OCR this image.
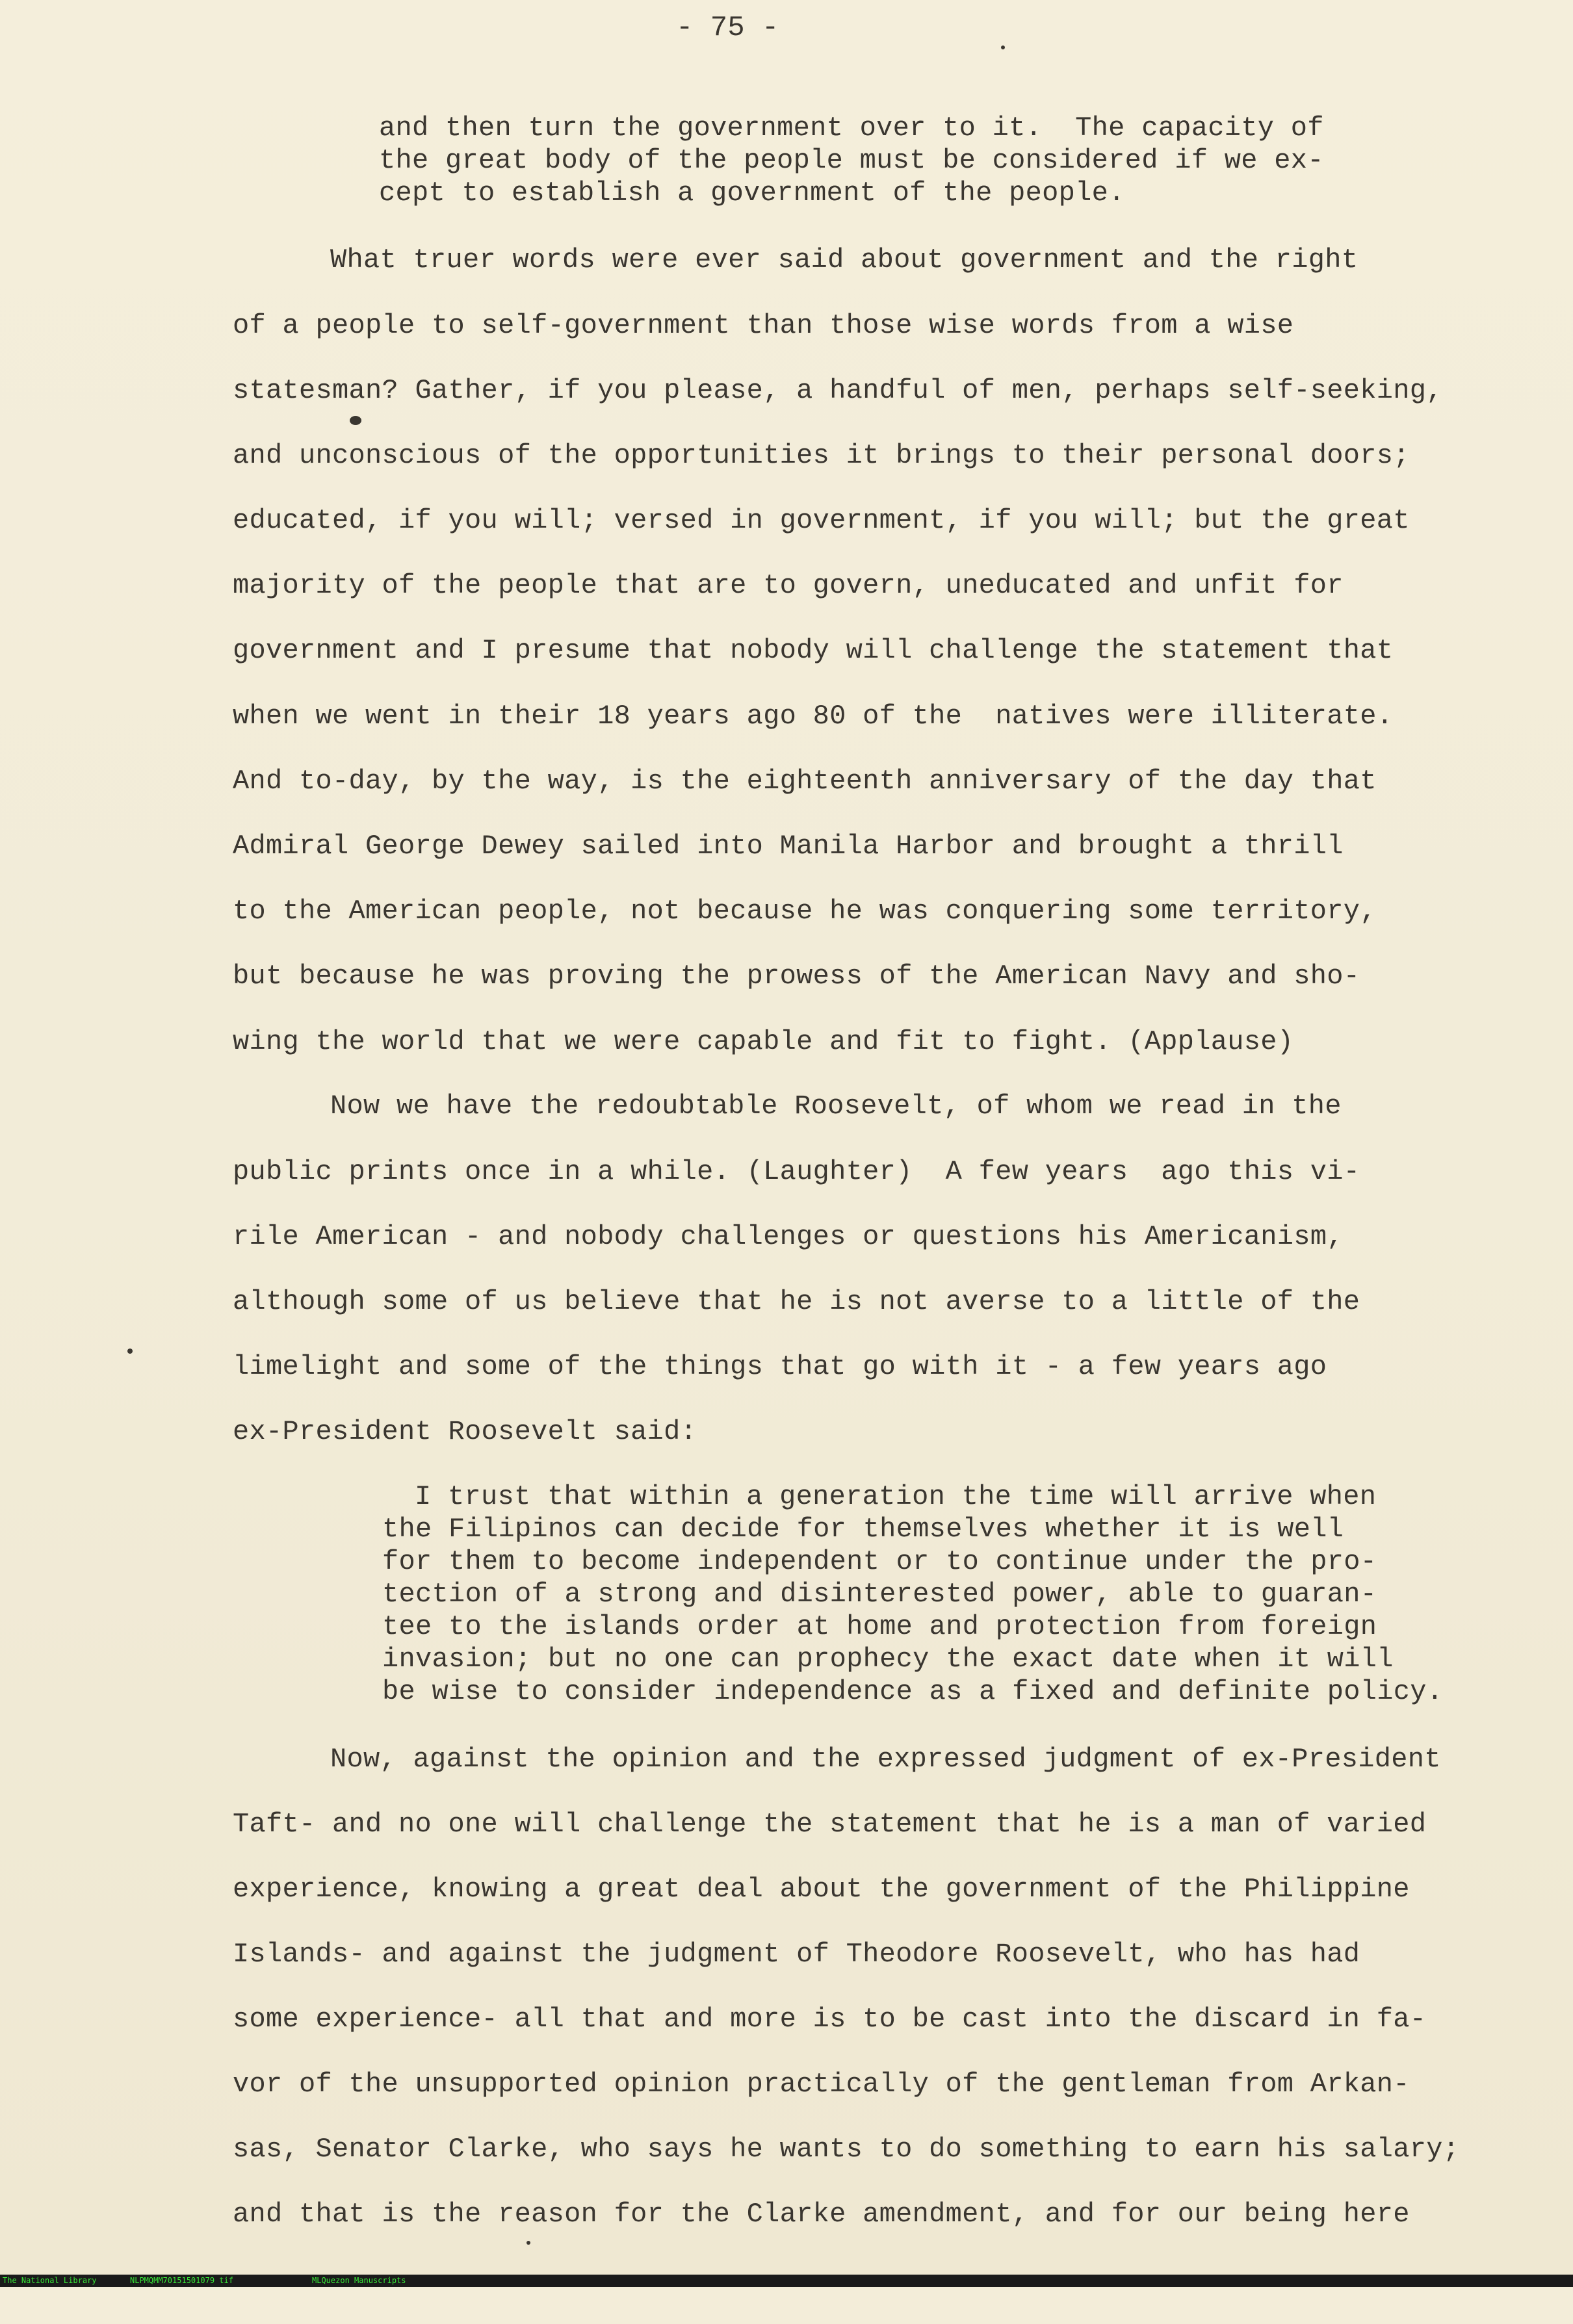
- 75 -
and then turn the government over to it.  The capacity of
the great body of the people must be considered if we ex-
cept to establish a government of the people.
What truer words were ever said about government and the right
of a people to self-government than those wise words from a wise
statesman? Gather, if you please, a handful of men, perhaps self-seeking,
and unconscious of the opportunities it brings to their personal doors;
educated, if you will; versed in government, if you will; but the great
majority of the people that are to govern, uneducated and unfit for
government and I presume that nobody will challenge the statement that
when we went in their 18 years ago 80 of the  natives were illiterate.
And to-day, by the way, is the eighteenth anniversary of the day that
Admiral George Dewey sailed into Manila Harbor and brought a thrill
to the American people, not because he was conquering some territory,
but because he was proving the prowess of the American Navy and sho-
wing the world that we were capable and fit to fight. (Applause)
Now we have the redoubtable Roosevelt, of whom we read in the
public prints once in a while. (Laughter)  A few years  ago this vi-
rile American - and nobody challenges or questions his Americanism,
although some of us believe that he is not averse to a little of the
limelight and some of the things that go with it - a few years ago
ex-President Roosevelt said:
I trust that within a generation the time will arrive when
the Filipinos can decide for themselves whether it is well
for them to become independent or to continue under the pro-
tection of a strong and disinterested power, able to guaran-
tee to the islands order at home and protection from foreign
invasion; but no one can prophecy the exact date when it will
be wise to consider independence as a fixed and definite policy.
Now, against the opinion and the expressed judgment of ex-President
Taft- and no one will challenge the statement that he is a man of varied
experience, knowing a great deal about the government of the Philippine
Islands- and against the judgment of Theodore Roosevelt, who has had
some experience- all that and more is to be cast into the discard in fa-
vor of the unsupported opinion practically of the gentleman from Arkan-
sas, Senator Clarke, who says he wants to do something to earn his salary;
and that is the reason for the Clarke amendment, and for our being here

The National Library

	NLPMQMM70151501079 tif

	MLQuezon Manuscripts
